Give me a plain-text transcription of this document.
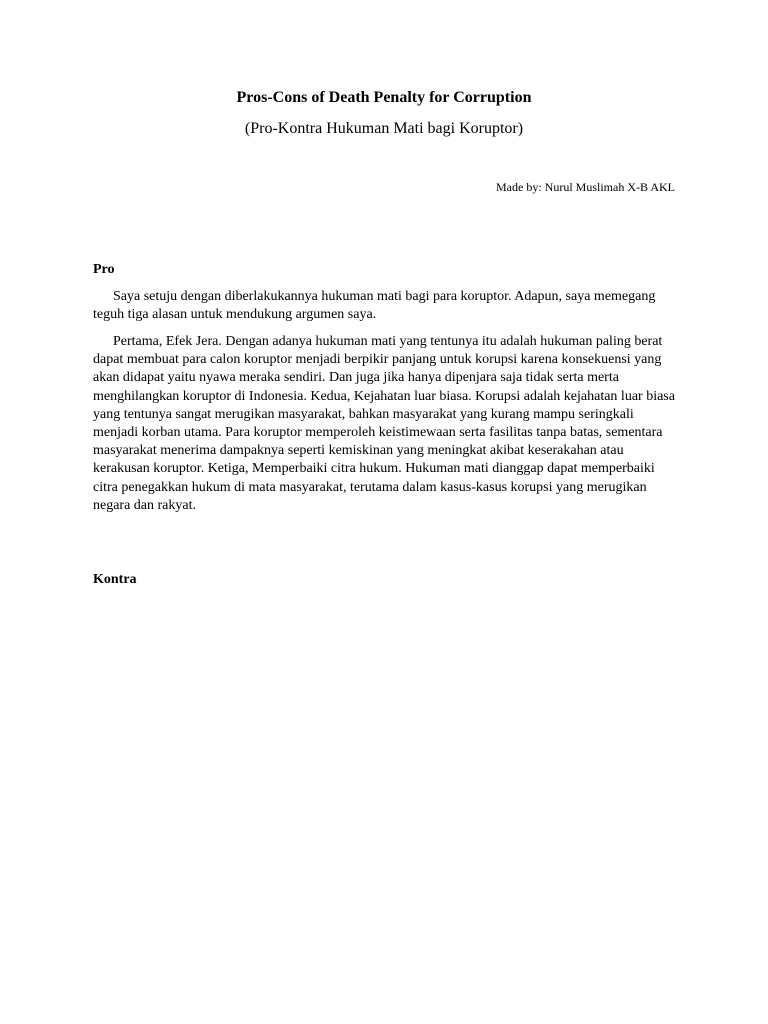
Pros-Cons of Death Penalty for Corruption

(Pro-Kontra Hukuman Mati bagi Koruptor)

Made by: Nurul Muslimah X-B AKL

Pro

Saya setuju dengan diberlakukannya hukuman mati bagi para koruptor. Adapun, saya memegang teguh tiga alasan untuk mendukung argumen saya.

Pertama, Efek Jera. Dengan adanya hukuman mati yang tentunya itu adalah hukuman paling berat dapat membuat para calon koruptor menjadi berpikir panjang untuk korupsi karena konsekuensi yang akan didapat yaitu nyawa meraka sendiri. Dan juga jika hanya dipenjara saja tidak serta merta menghilangkan koruptor di Indonesia. Kedua, Kejahatan luar biasa. Korupsi adalah kejahatan luar biasa yang tentunya sangat merugikan masyarakat, bahkan masyarakat yang kurang mampu seringkali menjadi korban utama. Para koruptor memperoleh keistimewaan serta fasilitas tanpa batas, sementara masyarakat menerima dampaknya seperti kemiskinan yang meningkat akibat keserakahan atau kerakusan koruptor. Ketiga, Memperbaiki citra hukum. Hukuman mati dianggap dapat memperbaiki citra penegakkan hukum di mata masyarakat, terutama dalam kasus-kasus korupsi yang merugikan negara dan rakyat.

Kontra
